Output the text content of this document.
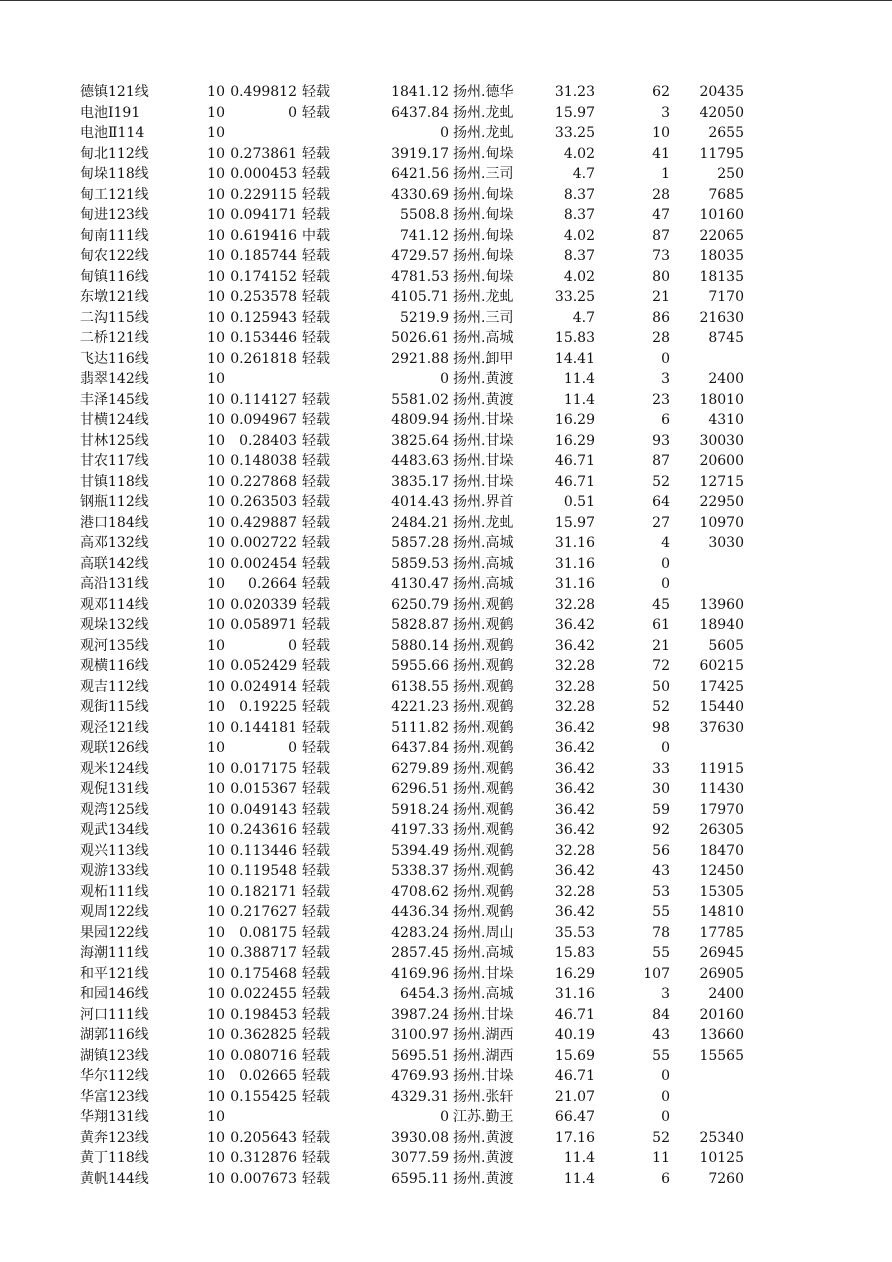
德镇121线	10 0.499812 轻载	1841.12 扬州.德华	31.23	62	20435
电池Ⅰ191	10	0 轻载	6437.84 扬州.龙虬	15.97	3	42050
电池Ⅱ114	10	0 扬州.龙虬	33.25	10	2655
甸北112线	10 0.273861 轻载	3919.17 扬州.甸垛	4.02	41	11795
甸垛118线	10 0.000453 轻载	6421.56 扬州.三司	4.7	1	250
甸工121线	10 0.229115 轻载	4330.69 扬州.甸垛	8.37	28	7685
甸进123线	10 0.094171 轻载	5508.8 扬州.甸垛	8.37	47	10160
甸南111线	10 0.619416 中载	741.12 扬州.甸垛	4.02	87	22065
甸农122线	10 0.185744 轻载	4729.57 扬州.甸垛	8.37	73	18035
甸镇116线	10 0.174152 轻载	4781.53 扬州.甸垛	4.02	80	18135
东墩121线	10 0.253578 轻载	4105.71 扬州.龙虬	33.25	21	7170
二沟115线	10 0.125943 轻载	5219.9 扬州.三司	4.7	86	21630
二桥121线	10 0.153446 轻载	5026.61 扬州.高城	15.83	28	8745
飞达116线	10 0.261818 轻载	2921.88 扬州.卸甲	14.41	0
翡翠142线	10	0 扬州.黄渡	11.4	3	2400
丰泽145线	10 0.114127 轻载	5581.02 扬州.黄渡	11.4	23	18010
甘横124线	10 0.094967 轻载	4809.94 扬州.甘垛	16.29	6	4310
甘林125线	10	0.28403 轻载	3825.64 扬州.甘垛	16.29	93	30030
甘农117线	10 0.148038 轻载	4483.63 扬州.甘垛	46.71	87	20600
甘镇118线	10 0.227868 轻载	3835.17 扬州.甘垛	46.71	52	12715
钢瓶112线	10 0.263503 轻载	4014.43 扬州.界首	0.51	64	22950
港口184线	10 0.429887 轻载	2484.21 扬州.龙虬	15.97	27	10970
高邓132线	10 0.002722 轻载	5857.28 扬州.高城	31.16	4	3030
高联142线	10 0.002454 轻载	5859.53 扬州.高城	31.16	0
高沿131线	10	0.2664 轻载	4130.47 扬州.高城	31.16	0
观邓114线	10 0.020339 轻载	6250.79 扬州.观鹤	32.28	45	13960
观垛132线	10 0.058971 轻载	5828.87 扬州.观鹤	36.42	61	18940
观河135线	10	0 轻载	5880.14 扬州.观鹤	36.42	21	5605
观横116线	10 0.052429 轻载	5955.66 扬州.观鹤	32.28	72	60215
观吉112线	10 0.024914 轻载	6138.55 扬州.观鹤	32.28	50	17425
观街115线	10	0.19225 轻载	4221.23 扬州.观鹤	32.28	52	15440
观泾121线	10 0.144181 轻载	5111.82 扬州.观鹤	36.42	98	37630
观联126线	10	0 轻载	6437.84 扬州.观鹤	36.42	0
观米124线	10 0.017175 轻载	6279.89 扬州.观鹤	36.42	33	11915
观倪131线	10 0.015367 轻载	6296.51 扬州.观鹤	36.42	30	11430
观湾125线	10 0.049143 轻载	5918.24 扬州.观鹤	36.42	59	17970
观武134线	10 0.243616 轻载	4197.33 扬州.观鹤	36.42	92	26305
观兴113线	10 0.113446 轻载	5394.49 扬州.观鹤	32.28	56	18470
观游133线	10 0.119548 轻载	5338.37 扬州.观鹤	36.42	43	12450
观柘111线	10 0.182171 轻载	4708.62 扬州.观鹤	32.28	53	15305
观周122线	10 0.217627 轻载	4436.34 扬州.观鹤	36.42	55	14810
果园122线	10	0.08175 轻载	4283.24 扬州.周山	35.53	78	17785
海潮111线	10 0.388717 轻载	2857.45 扬州.高城	15.83	55	26945
和平121线	10 0.175468 轻载	4169.96 扬州.甘垛	16.29	107	26905
和园146线	10 0.022455 轻载	6454.3 扬州.高城	31.16	3	2400
河口111线	10 0.198453 轻载	3987.24 扬州.甘垛	46.71	84	20160
湖郭116线	10 0.362825 轻载	3100.97 扬州.湖西	40.19	43	13660
湖镇123线	10 0.080716 轻载	5695.51 扬州.湖西	15.69	55	15565
华尔112线	10	0.02665 轻载	4769.93 扬州.甘垛	46.71	0
华富123线	10 0.155425 轻载	4329.31 扬州.张轩	21.07	0
华翔131线	10	0 江苏.勤王	66.47	0
黄奔123线	10 0.205643 轻载	3930.08 扬州.黄渡	17.16	52	25340
黄丁118线	10 0.312876 轻载	3077.59 扬州.黄渡	11.4	11	10125
黄帆144线	10 0.007673 轻载	6595.11 扬州.黄渡	11.4	6	7260
